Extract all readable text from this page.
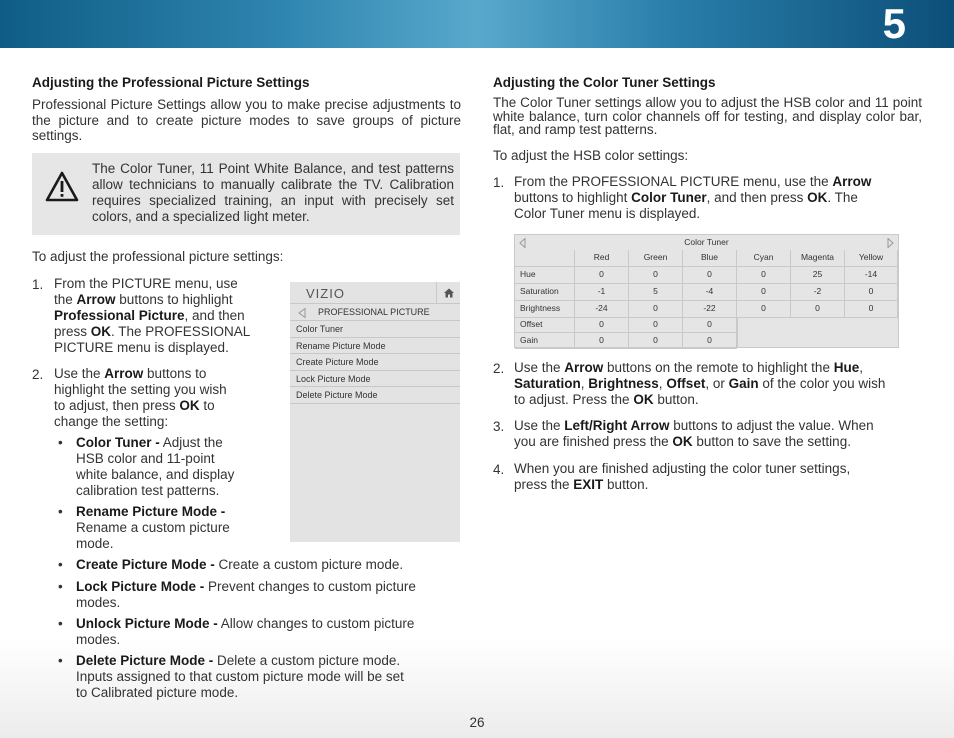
5
Adjusting the Professional Picture Settings
Professional Picture Settings allow you to make precise adjustments to the picture and to create picture modes to save groups of picture settings.
The Color Tuner, 11 Point White Balance, and test patterns allow technicians to manually calibrate the TV. Calibration requires specialized training, an input with precisely set colors, and a specialized light meter.
To adjust the professional picture settings:
1. From the PICTURE menu, use
the Arrow buttons to highlight
Professional Picture, and then
press OK. The PROFESSIONAL
PICTURE menu is displayed.
2. Use the Arrow buttons to
highlight the setting you wish
to adjust, then press OK to
change the setting:
• Color Tuner - Adjust the
HSB color and 11-point
white balance, and display
calibration test patterns.
• Rename Picture Mode -
Rename a custom picture
mode.
• Create Picture Mode - Create a custom picture mode.
• Lock Picture Mode - Prevent changes to custom picture
modes.
• Unlock Picture Mode - Allow changes to custom picture
modes.
• Delete Picture Mode - Delete a custom picture mode.
Inputs assigned to that custom picture mode will be set
to Calibrated picture mode.
VIZIO
PROFESSIONAL PICTURE
Color Tuner
Rename Picture Mode
Create Picture Mode
Lock Picture Mode
Delete Picture Mode
Adjusting the Color Tuner Settings
The Color Tuner settings allow you to adjust the HSB color and 11 point white balance, turn color channels off for testing, and display color bar, flat, and ramp test patterns.
To adjust the HSB color settings:
1. From the PROFESSIONAL PICTURE menu, use the Arrow
buttons to highlight Color Tuner, and then press OK. The
Color Tuner menu is displayed.
Color Tuner
Red	Green	Blue	Cyan	Magenta	Yellow
Hue	0	0	0	0	25	-14
Saturation	-1	5	-4	0	-2	0
Brightness	-24	0	-22	0	0	0
Offset	0	0	0
Gain	0	0	0
2. Use the Arrow buttons on the remote to highlight the Hue,
Saturation, Brightness, Offset, or Gain of the color you wish
to adjust. Press the OK button.
3. Use the Left/Right Arrow buttons to adjust the value. When
you are finished press the OK button to save the setting.
4. When you are finished adjusting the color tuner settings,
press the EXIT button.
26
